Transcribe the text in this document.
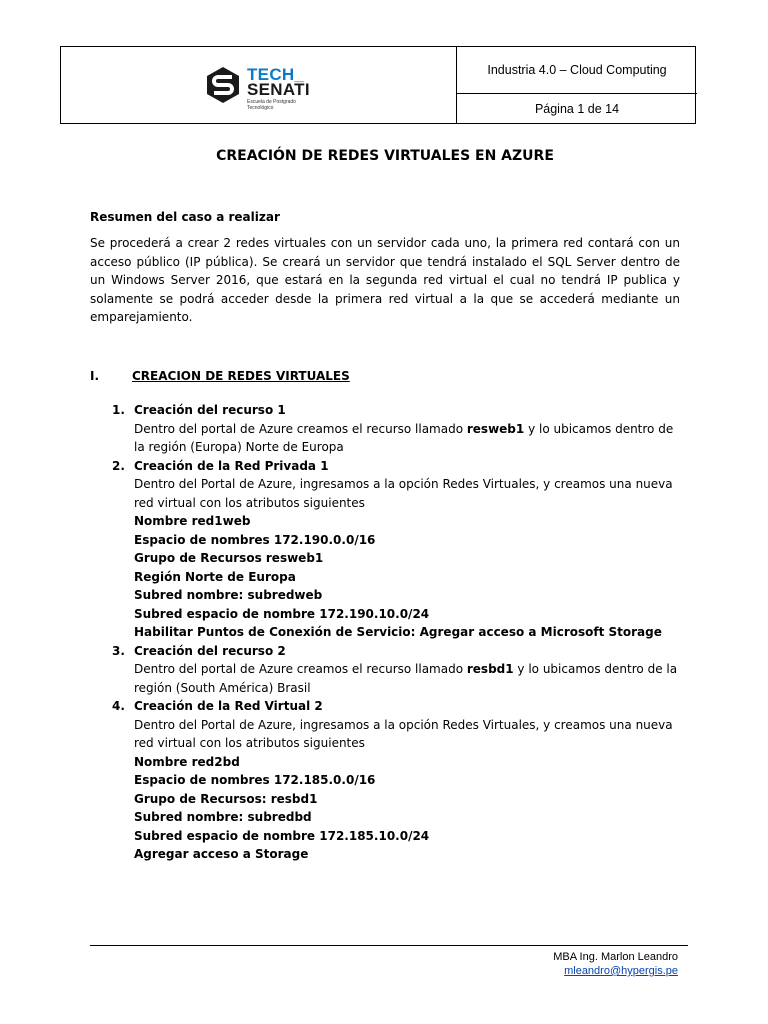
TECH_
SENATI
Escuela de Postgrado Tecnológico
Industria 4.0 – Cloud Computing
Página 1 de 14
CREACIÓN DE REDES VIRTUALES EN AZURE
Resumen del caso a realizar
Se procederá a crear 2 redes virtuales con un servidor cada uno, la primera red contará con un acceso público (IP pública). Se creará un servidor que tendrá instalado el SQL Server dentro de un Windows Server 2016, que estará en la segunda red virtual el cual no tendrá IP publica y solamente se podrá acceder desde la primera red virtual a la que se accederá mediante un emparejamiento.
I.	CREACION DE REDES VIRTUALES
1. Creación del recurso 1
Dentro del portal de Azure creamos el recurso llamado resweb1 y lo ubicamos dentro de la región (Europa) Norte de Europa
2. Creación de la Red Privada 1
Dentro del Portal de Azure, ingresamos a la opción Redes Virtuales, y creamos una nueva red virtual con los atributos siguientes
Nombre red1web
Espacio de nombres 172.190.0.0/16
Grupo de Recursos resweb1
Región Norte de Europa
Subred nombre: subredweb
Subred espacio de nombre 172.190.10.0/24
Habilitar Puntos de Conexión de Servicio: Agregar acceso a Microsoft Storage
3. Creación del recurso 2
Dentro del portal de Azure creamos el recurso llamado resbd1 y lo ubicamos dentro de la región (South América) Brasil
4. Creación de la Red Virtual 2
Dentro del Portal de Azure, ingresamos a la opción Redes Virtuales, y creamos una nueva red virtual con los atributos siguientes
Nombre red2bd
Espacio de nombres 172.185.0.0/16
Grupo de Recursos: resbd1
Subred nombre: subredbd
Subred espacio de nombre 172.185.10.0/24
Agregar acceso a Storage
MBA Ing. Marlon Leandro
mleandro@hypergis.pe
